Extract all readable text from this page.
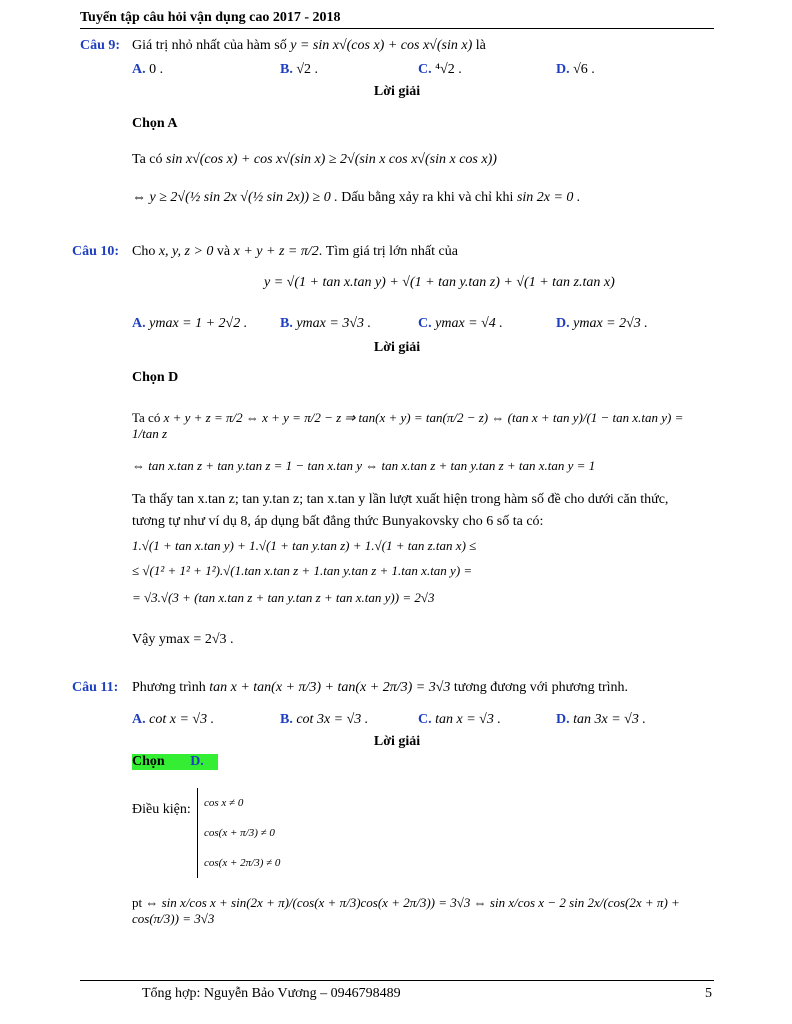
Tuyển tập câu hỏi vận dụng cao 2017 - 2018
Câu 9: Giá trị nhỏ nhất của hàm số y = sin x√(cos x) + cos x√(sin x) là
A. 0 .	B. √2 .	C. ⁴√2 .	D. √6 .
Lời giải
Chọn A
Ta có sin x√(cos x) + cos x√(sin x) ≥ 2√(sin x cos x√(sin x cos x))
⇔ y ≥ 2√(½ sin 2x √(½ sin 2x)) ≥ 0 . Dấu bằng xảy ra khi và chỉ khi sin 2x = 0 .
Câu 10: Cho x, y, z > 0 và x + y + z = π/2. Tìm giá trị lớn nhất của
y = √(1 + tan x.tan y) + √(1 + tan y.tan z) + √(1 + tan z.tan x)
A. ymax = 1 + 2√2 . B. ymax = 3√3 .	C. ymax = √4 .	D. ymax = 2√3 .
Lời giải
Chọn D
Ta có x + y + z = π/2 ⇔ x + y = π/2 − z ⇒ tan(x + y) = tan(π/2 − z) ⇔ (tan x + tan y)/(1 − tan x.tan y) = 1/tan z
⇔ tan x.tan z + tan y.tan z = 1 − tan x.tan y ⇔ tan x.tan z + tan y.tan z + tan x.tan y = 1
Ta thấy tan x.tan z; tan y.tan z; tan x.tan y lần lượt xuất hiện trong hàm số đề cho dưới căn thức,
tương tự như ví dụ 8, áp dụng bất đẳng thức Bunyakovsky cho 6 số ta có:
1.√(1 + tan x.tan y) + 1.√(1 + tan y.tan z) + 1.√(1 + tan z.tan x) ≤
≤ √(1² + 1² + 1²).√(1.tan x.tan z + 1.tan y.tan z + 1.tan x.tan y) =
= √3.√(3 + (tan x.tan z + tan y.tan z + tan x.tan y)) = 2√3
Vậy ymax = 2√3 .
Câu 11: Phương trình tan x + tan(x + π/3) + tan(x + 2π/3) = 3√3 tương đương với phương trình.
A. cot x = √3 .	B. cot 3x = √3 .	C. tan x = √3 .	D. tan 3x = √3 .
Lời giải
Chọn D.
Điều kiện: cos x ≠ 0
cos(x + π/3) ≠ 0
cos(x + 2π/3) ≠ 0
pt ⇔ sin x/cos x + sin(2x + π)/(cos(x + π/3)cos(x + 2π/3)) = 3√3 ⇔ sin x/cos x − 2 sin 2x/(cos(2x + π) + cos(π/3)) = 3√3
Tổng hợp: Nguyễn Bảo Vương – 0946798489	5
